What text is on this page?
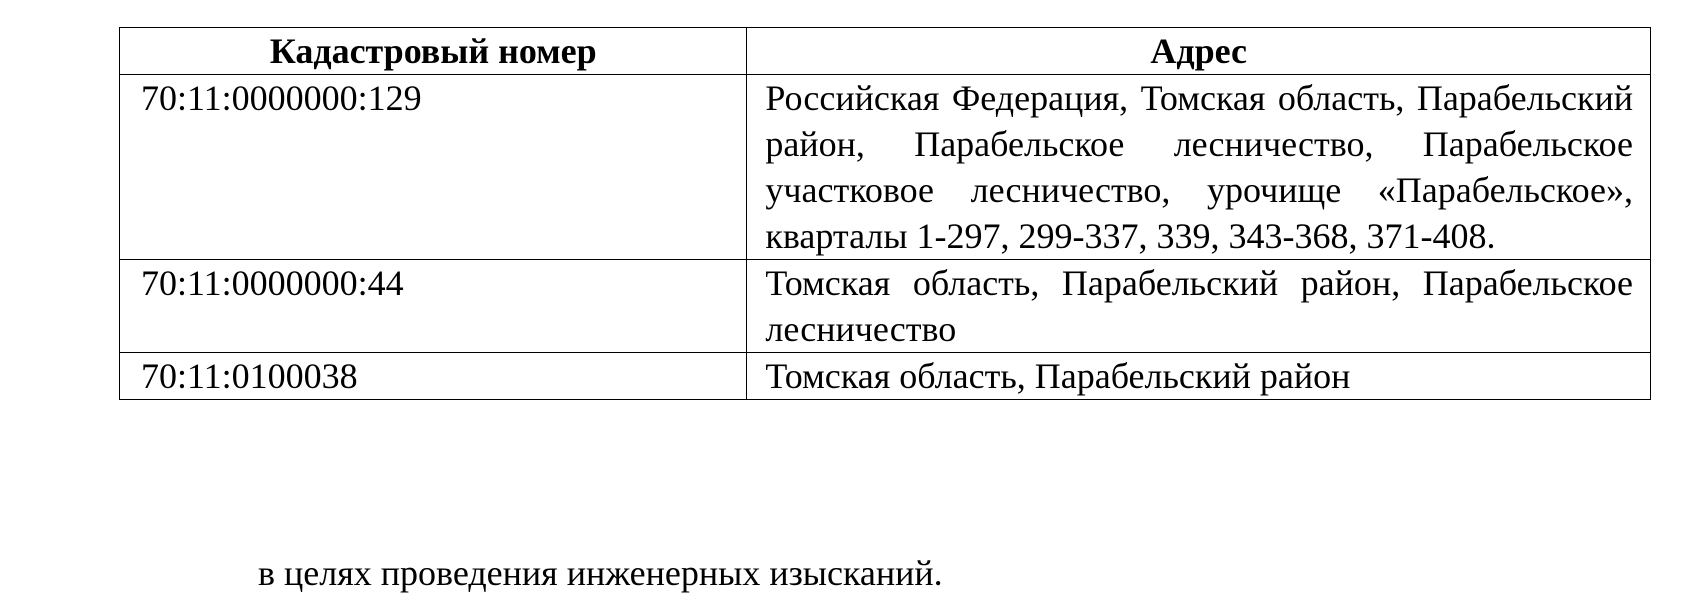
Кадастровый номер	Адрес
70:11:0000000:129	Российская Федерация, Томская область, Парабельский район, Парабельское лесничество, Парабельское участковое лесничество, урочище «Парабельское», кварталы 1-297, 299-337, 339, 343-368, 371-408.
70:11:0000000:44	Томская область, Парабельский район, Парабельское лесничество
70:11:0100038	Томская область, Парабельский район
в целях проведения инженерных изысканий.
